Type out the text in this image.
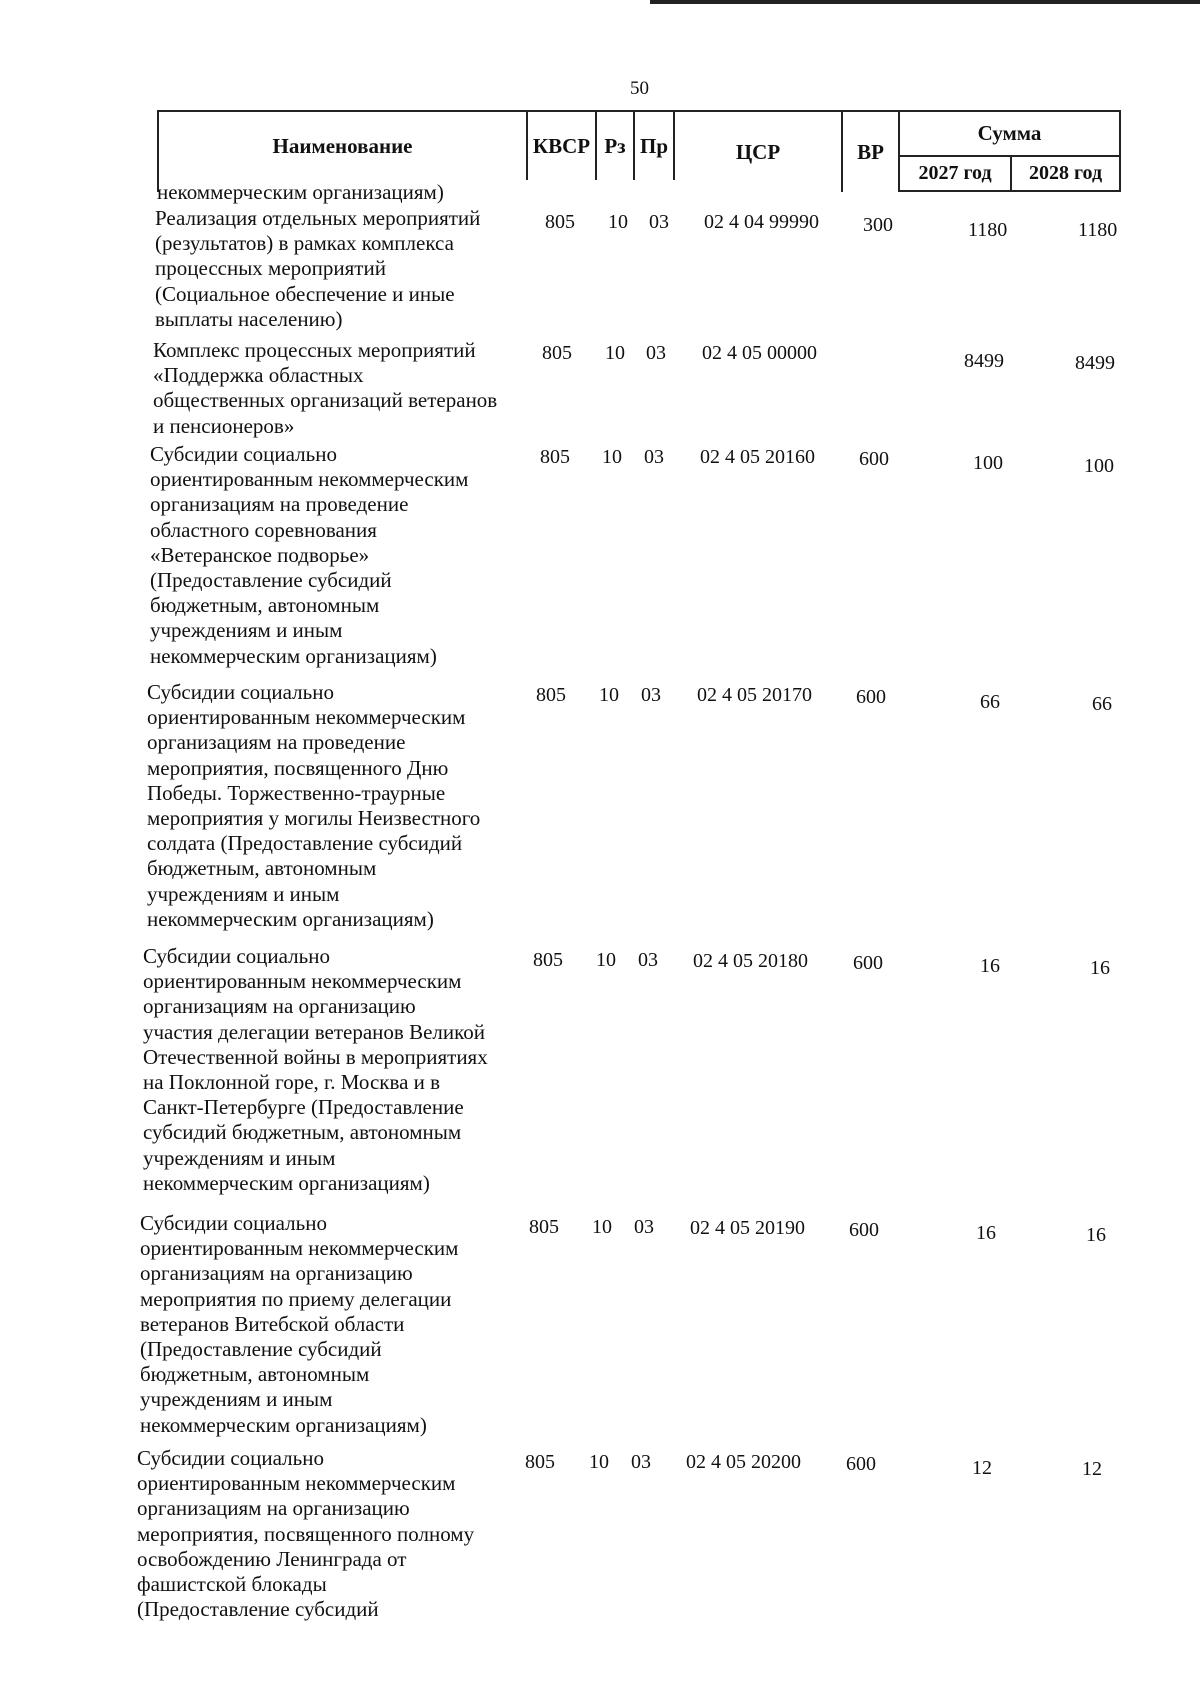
50
Наименование	КВСР Рз Пр	ЦСР	ВР
Сумма
2027 год	2028 год
некоммерческим организациям)
Реализация отдельных мероприятий
(результатов) в рамках комплекса
процессных мероприятий
(Социальное обеспечение и иные
выплаты населению)
805 10 03 02 4 04 99990 300	1180	1180
Комплекс процессных мероприятий
«Поддержка областных
общественных организаций ветеранов
и пенсионеров»
805 10 03 02 4 05 00000	8499	8499
Субсидии социально
ориентированным некоммерческим
организациям на проведение
областного соревнования
«Ветеранское подворье»
(Предоставление субсидий
бюджетным, автономным
учреждениям и иным
некоммерческим организациям)
805 10 03 02 4 05 20160 600	100	100
Субсидии социально
ориентированным некоммерческим
организациям на проведение
мероприятия, посвященного Дню
Победы. Торжественно-траурные
мероприятия у могилы Неизвестного
солдата (Предоставление субсидий
бюджетным, автономным
учреждениям и иным
некоммерческим организациям)
805 10 03 02 4 05 20170 600	66	66
Субсидии социально
ориентированным некоммерческим
организациям на организацию
участия делегации ветеранов Великой
Отечественной войны в мероприятиях
на Поклонной горе, г. Москва и в
Санкт-Петербурге (Предоставление
субсидий бюджетным, автономным
учреждениям и иным
некоммерческим организациям)
805 10 03 02 4 05 20180 600	16	16
Субсидии социально
ориентированным некоммерческим
организациям на организацию
мероприятия по приему делегации
ветеранов Витебской области
(Предоставление субсидий
бюджетным, автономным
учреждениям и иным
некоммерческим организациям)
805 10 03 02 4 05 20190 600	16	16
Субсидии социально
ориентированным некоммерческим
организациям на организацию
мероприятия, посвященного полному
освобождению Ленинграда от
фашистской блокады
(Предоставление субсидий
805 10 03 02 4 05 20200 600	12	12
